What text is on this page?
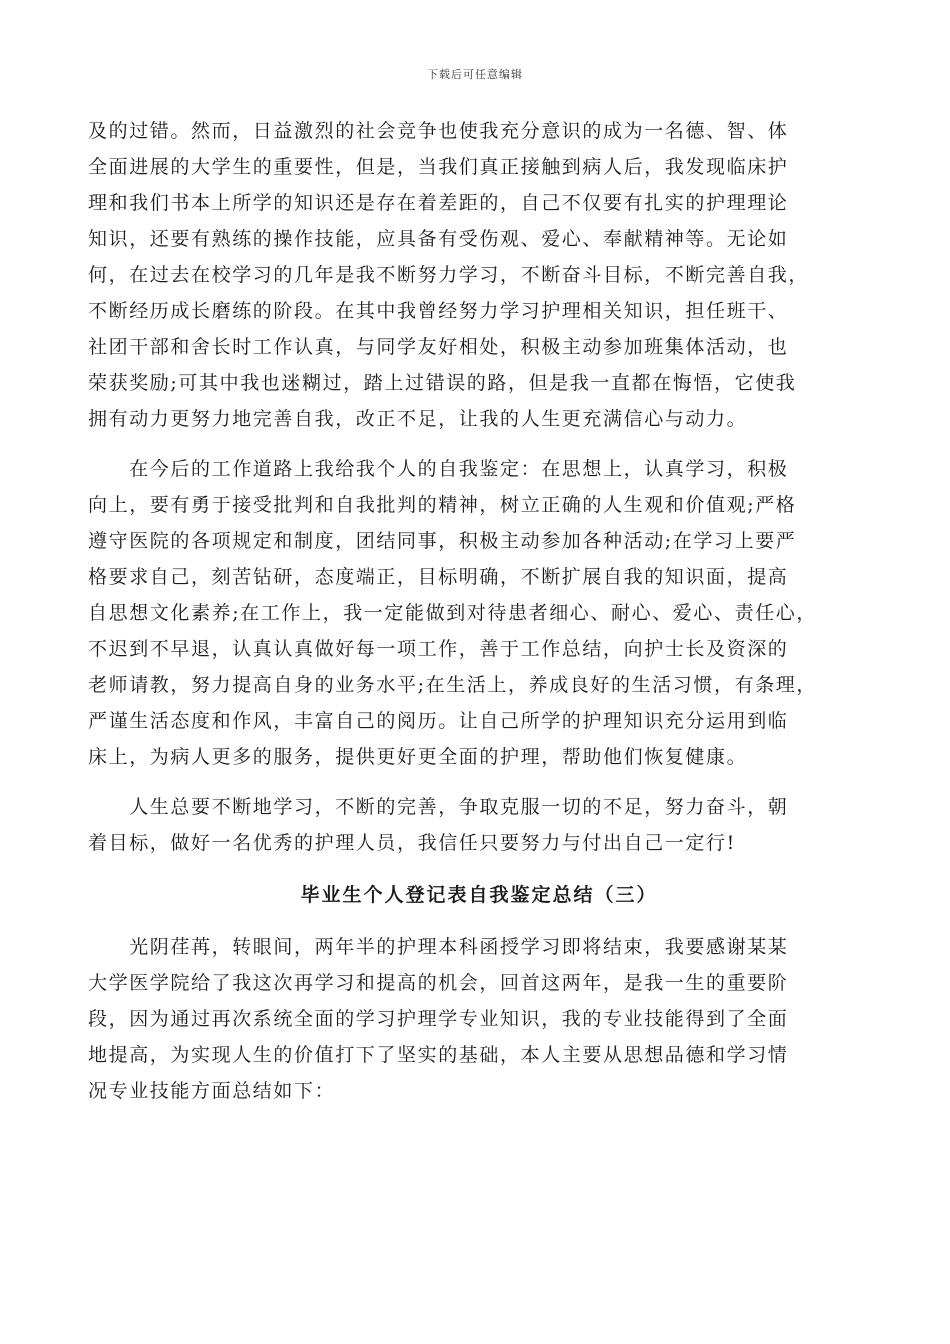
下载后可任意编辑
及的过错。然而，日益激烈的社会竞争也使我充分意识的成为一名德、智、体
全面进展的大学生的重要性，但是，当我们真正接触到病人后，我发现临床护
理和我们书本上所学的知识还是存在着差距的，自己不仅要有扎实的护理理论
知识，还要有熟练的操作技能，应具备有受伤观、爱心、奉献精神等。无论如
何，在过去在校学习的几年是我不断努力学习，不断奋斗目标，不断完善自我，
不断经历成长磨练的阶段。在其中我曾经努力学习护理相关知识，担任班干、
社团干部和舍长时工作认真，与同学友好相处，积极主动参加班集体活动，也
荣获奖励;可其中我也迷糊过，踏上过错误的路，但是我一直都在悔悟，它使我
拥有动力更努力地完善自我，改正不足，让我的人生更充满信心与动力。
　　在今后的工作道路上我给我个人的自我鉴定：在思想上，认真学习，积极
向上，要有勇于接受批判和自我批判的精神，树立正确的人生观和价值观;严格
遵守医院的各项规定和制度，团结同事，积极主动参加各种活动;在学习上要严
格要求自己，刻苦钻研，态度端正，目标明确，不断扩展自我的知识面，提高
自思想文化素养;在工作上，我一定能做到对待患者细心、耐心、爱心、责任心，
不迟到不早退，认真认真做好每一项工作，善于工作总结，向护士长及资深的
老师请教，努力提高自身的业务水平;在生活上，养成良好的生活习惯，有条理，
严谨生活态度和作风，丰富自己的阅历。让自己所学的护理知识充分运用到临
床上，为病人更多的服务，提供更好更全面的护理，帮助他们恢复健康。
　　人生总要不断地学习，不断的完善，争取克服一切的不足，努力奋斗，朝
着目标，做好一名优秀的护理人员，我信任只要努力与付出自己一定行!
毕业生个人登记表自我鉴定总结（三）
　　光阴荏苒，转眼间，两年半的护理本科函授学习即将结束，我要感谢某某
大学医学院给了我这次再学习和提高的机会，回首这两年，是我一生的重要阶
段，因为通过再次系统全面的学习护理学专业知识，我的专业技能得到了全面
地提高，为实现人生的价值打下了坚实的基础，本人主要从思想品德和学习情
况专业技能方面总结如下：
